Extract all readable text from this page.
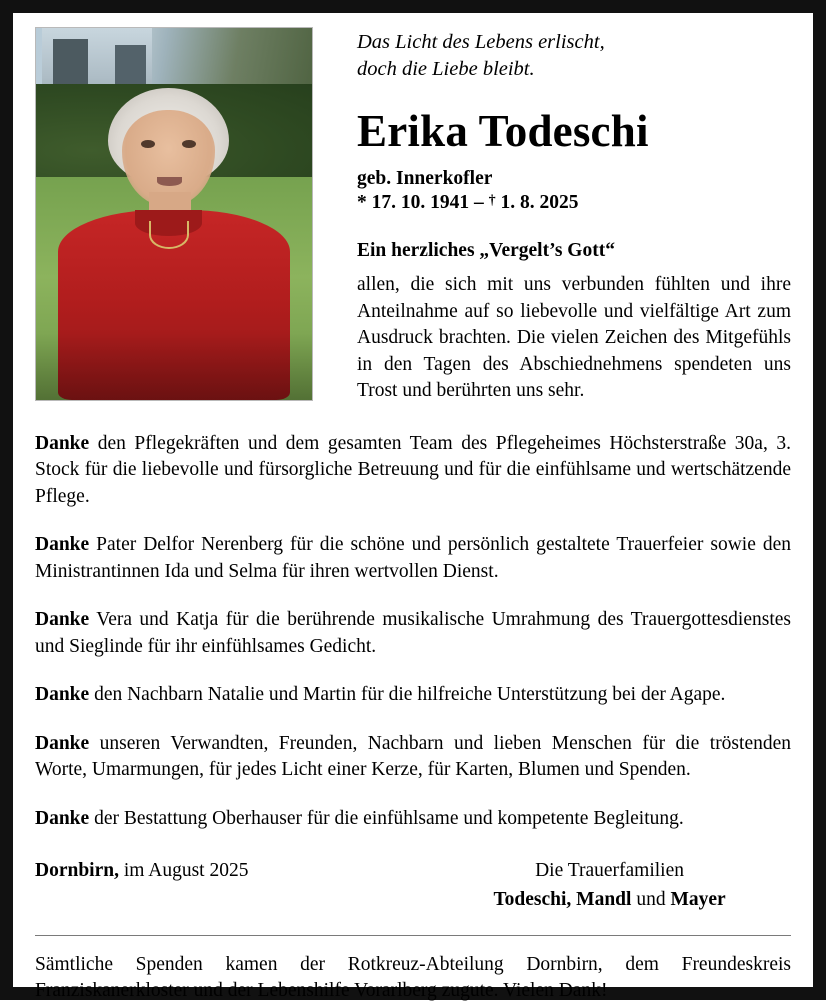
Das Licht des Lebens erlischt,
doch die Liebe bleibt.
Erika Todeschi
geb. Innerkofler
* 17. 10. 1941 – † 1. 8. 2025
Ein herzliches „Vergelt’s Gott“

allen, die sich mit uns verbunden fühlten und ihre Anteilnahme auf so liebevolle und vielfältige Art zum Ausdruck brachten. Die vielen Zeichen des Mitgefühls in den Tagen des Abschiednehmens spendeten uns Trost und berührten uns sehr.

Danke den Pflegekräften und dem gesamten Team des Pflegeheimes Höchsterstraße 30a, 3. Stock für die liebevolle und fürsorgliche Betreuung und für die einfühlsame und wertschätzende Pflege.

Danke Pater Delfor Nerenberg für die schöne und persönlich gestaltete Trauerfeier sowie den Ministrantinnen Ida und Selma für ihren wertvollen Dienst.

Danke Vera und Katja für die berührende musikalische Umrahmung des Trauergottesdienstes und Sieglinde für ihr einfühlsames Gedicht.

Danke den Nachbarn Natalie und Martin für die hilfreiche Unterstützung bei der Agape.

Danke unseren Verwandten, Freunden, Nachbarn und lieben Menschen für die tröstenden Worte, Umarmungen, für jedes Licht einer Kerze, für Karten, Blumen und Spenden.

Danke der Bestattung Oberhauser für die einfühlsame und kompetente Begleitung.

Dornbirn, im August 2025	Die Trauerfamilien
Todeschi, Mandl und Mayer

Sämtliche Spenden kamen der Rotkreuz-Abteilung Dornbirn, dem Freundeskreis Franziskanerkloster und der Lebenshilfe Vorarlberg zugute. Vielen Dank!
